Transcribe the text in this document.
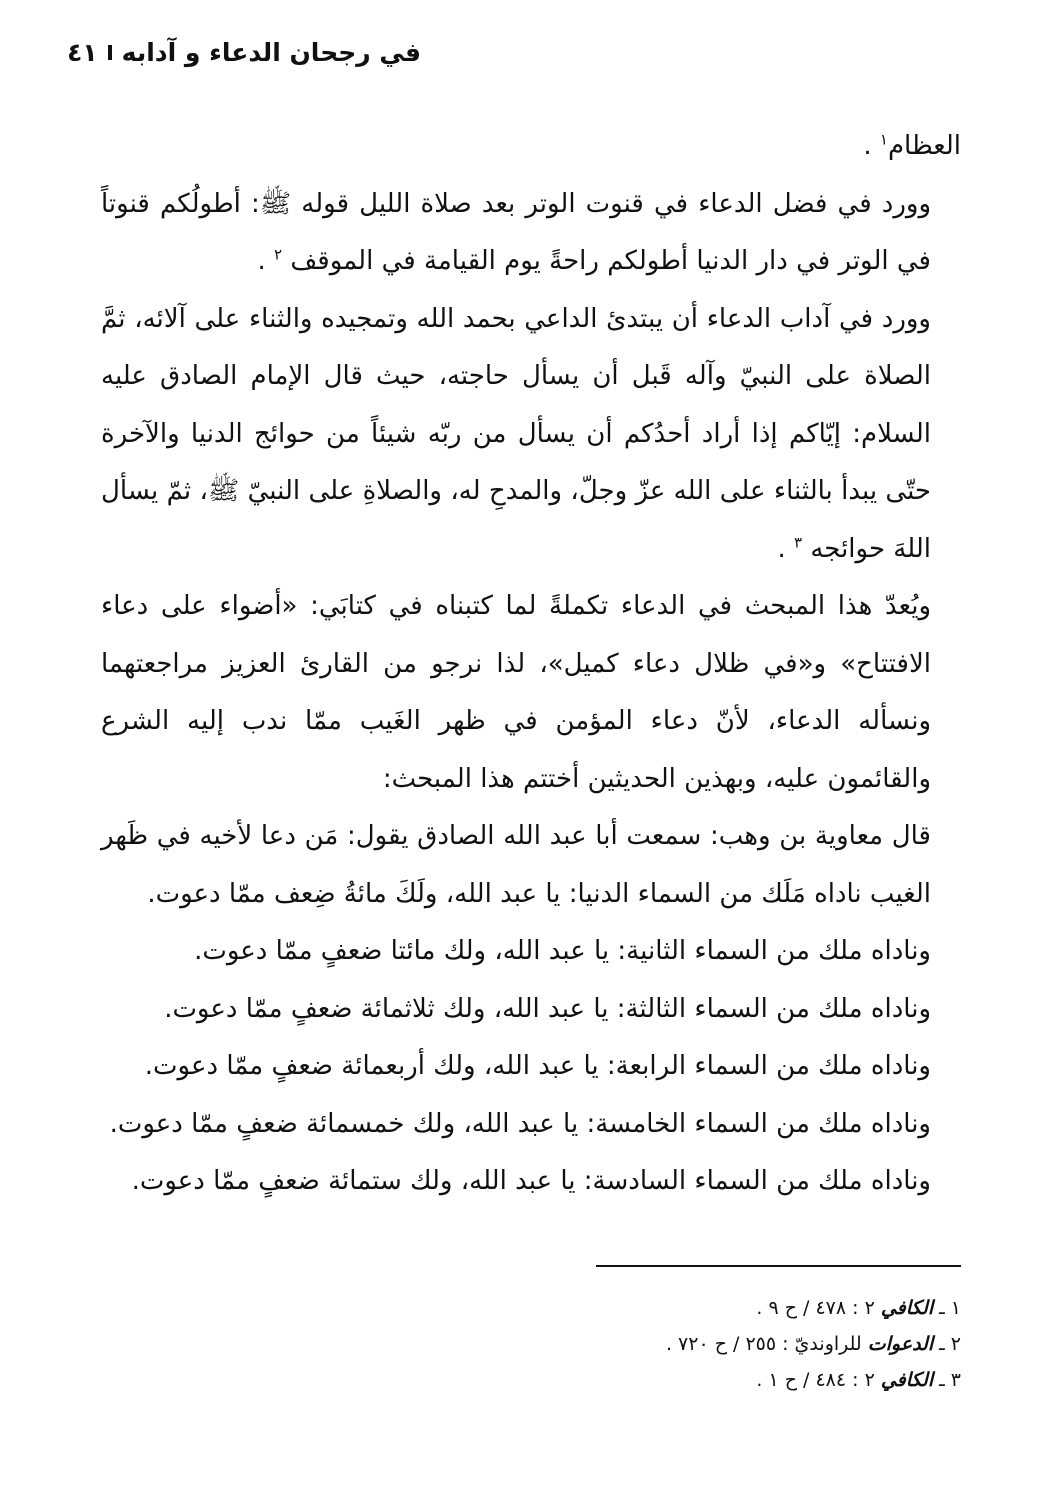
في رجحان الدعاء و آدابه
٤١

العظام$^١$ .

وورد في فضل الدعاء في قنوت الوتر بعد صلاة الليل قوله ﷺ: أطولُكم قنوتاً في الوتر في دار الدنيا أطولكم راحةً يوم القيامة في الموقف $^٢$ .

وورد في آداب الدعاء أن يبتدئ الداعي بحمد الله وتمجيده والثناء على آلائه، ثمَّ الصلاة على النبيّ وآله قَبل أن يسأل حاجته، حيث قال الإمام الصادق عليه السلام: إيّاكم إذا أراد أحدُكم أن يسأل من ربّه شيئاً من حوائج الدنيا والآخرة حتّى يبدأ بالثناء على الله عزّ وجلّ، والمدحِ له، والصلاةِ على النبيّ ﷺ، ثمّ يسأل اللهَ حوائجه $^٣$ .

ويُعدّ هذا المبحث في الدعاء تكملةً لما كتبناه في كتابَي: «أضواء على دعاء الافتتاح» و«في ظلال دعاء كميل»، لذا نرجو من القارئ العزيز مراجعتهما ونسأله الدعاء، لأنّ دعاء المؤمن في ظهر الغَيب ممّا ندب إليه الشرع والقائمون عليه، وبهذين الحديثين أختتم هذا المبحث:

قال معاوية بن وهب: سمعت أبا عبد الله الصادق يقول: مَن دعا لأخيه في ظَهر الغيب ناداه مَلَك من السماء الدنيا: يا عبد الله، ولَكَ مائةُ ضِعف ممّا دعوت.

وناداه ملك من السماء الثانية: يا عبد الله، ولك مائتا ضعفٍ ممّا دعوت.

وناداه ملك من السماء الثالثة: يا عبد الله، ولك ثلاثمائة ضعفٍ ممّا دعوت.

وناداه ملك من السماء الرابعة: يا عبد الله، ولك أربعمائة ضعفٍ ممّا دعوت.

وناداه ملك من السماء الخامسة: يا عبد الله، ولك خمسمائة ضعفٍ ممّا دعوت.

وناداه ملك من السماء السادسة: يا عبد الله، ولك ستمائة ضعفٍ ممّا دعوت.

١ ـ الكافي ٢ : ٤٧٨ / ح ٩ .

٢ ـ الدعوات للراونديّ : ٢٥٥ / ح ٧٢٠ .

٣ ـ الكافي ٢ : ٤٨٤ / ح ١ .
